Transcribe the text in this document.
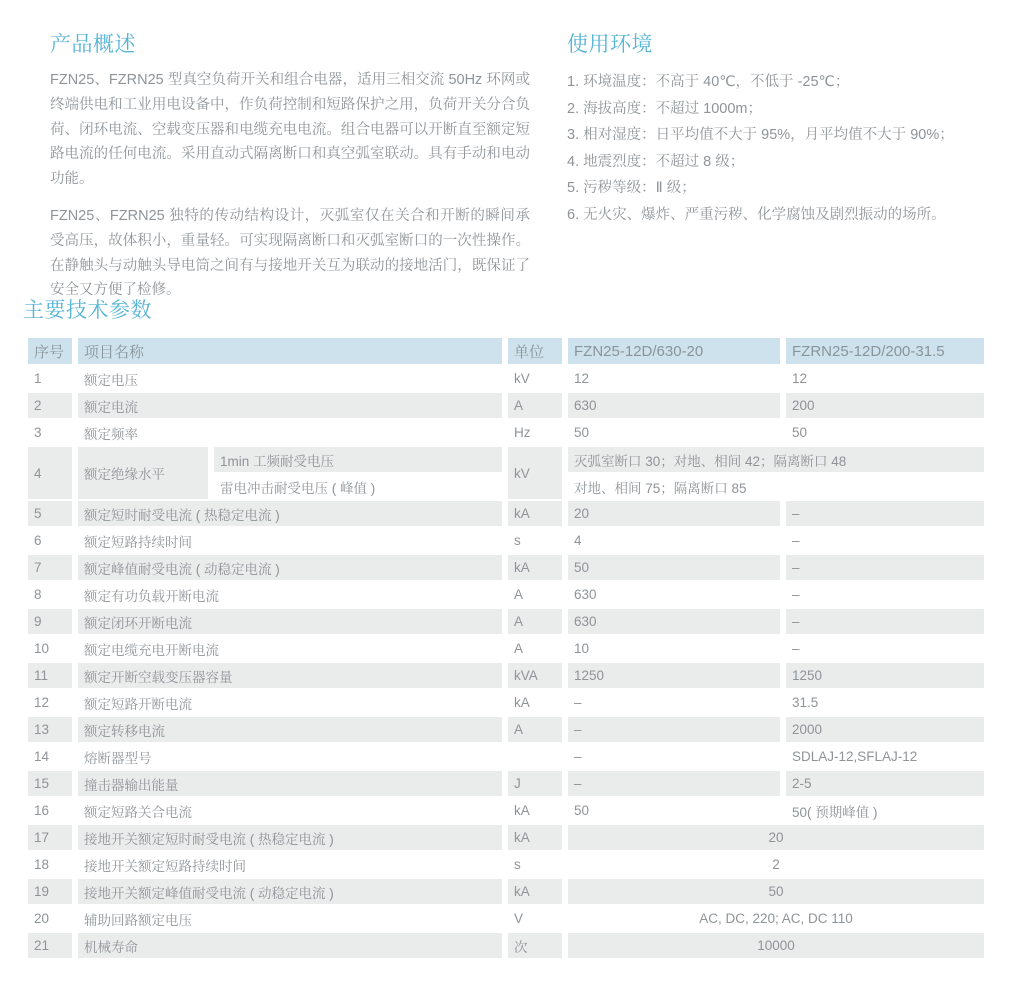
产品概述

FZN25、FZRN25 型真空负荷开关和组合电器，适用三相交流 50Hz 环网或终端供电和工业用电设备中，作负荷控制和短路保护之用，负荷开关分合负荷、闭环电流、空载变压器和电缆充电电流。组合电器可以开断直至额定短路电流的任何电流。采用直动式隔离断口和真空弧室联动。具有手动和电动功能。

FZN25、FZRN25 独特的传动结构设计，灭弧室仅在关合和开断的瞬间承受高压，故体积小，重量轻。可实现隔离断口和灭弧室断口的一次性操作。在静触头与动触头导电筒之间有与接地开关互为联动的接地活门，既保证了安全又方便了检修。

使用环境
1. 环境温度：不高于 40℃，不低于 -25℃；
2. 海拔高度：不超过 1000m；
3. 相对湿度：日平均值不大于 95%，月平均值不大于 90%；
4. 地震烈度：不超过 8 级；
5. 污秽等级：Ⅱ 级；
6. 无火灾、爆炸、严重污秽、化学腐蚀及剧烈振动的场所。
主要技术参数
序号	项目名称		单位	FZN25-12D/630-20	FZRN25-12D/200-31.5
1	额定电压		kV	12	12
2	额定电流		A	630	200
3	额定频率		Hz	50	50
4	额定绝缘水平	1min 工频耐受电压	kV	灭弧室断口 30；对地、相间 42；隔离断口 48	
		雷电冲击耐受电压 ( 峰值 )		对地、相间 75；隔离断口 85	
5	额定短时耐受电流 ( 热稳定电流 )		kA	20	–
6	额定短路持续时间		s	4	–
7	额定峰值耐受电流 ( 动稳定电流 )		kA	50	–
8	额定有功负载开断电流		A	630	–
9	额定闭环开断电流		A	630	–
10	额定电缆充电开断电流		A	10	–
11	额定开断空载变压器容量		kVA	1250	1250
12	额定短路开断电流		kA	–	31.5
13	额定转移电流		A	–	2000
14	熔断器型号			–	SDLAJ-12,SFLAJ-12
15	撞击器输出能量		J	–	2-5
16	额定短路关合电流		kA	50	50( 预期峰值 )
17	接地开关额定短时耐受电流 ( 热稳定电流 )		kA	20	
18	接地开关额定短路持续时间		s	2	
19	接地开关额定峰值耐受电流 ( 动稳定电流 )		kA	50	
20	辅助回路额定电压		V	AC, DC, 220; AC, DC 110	
21	机械寿命		次	10000	
